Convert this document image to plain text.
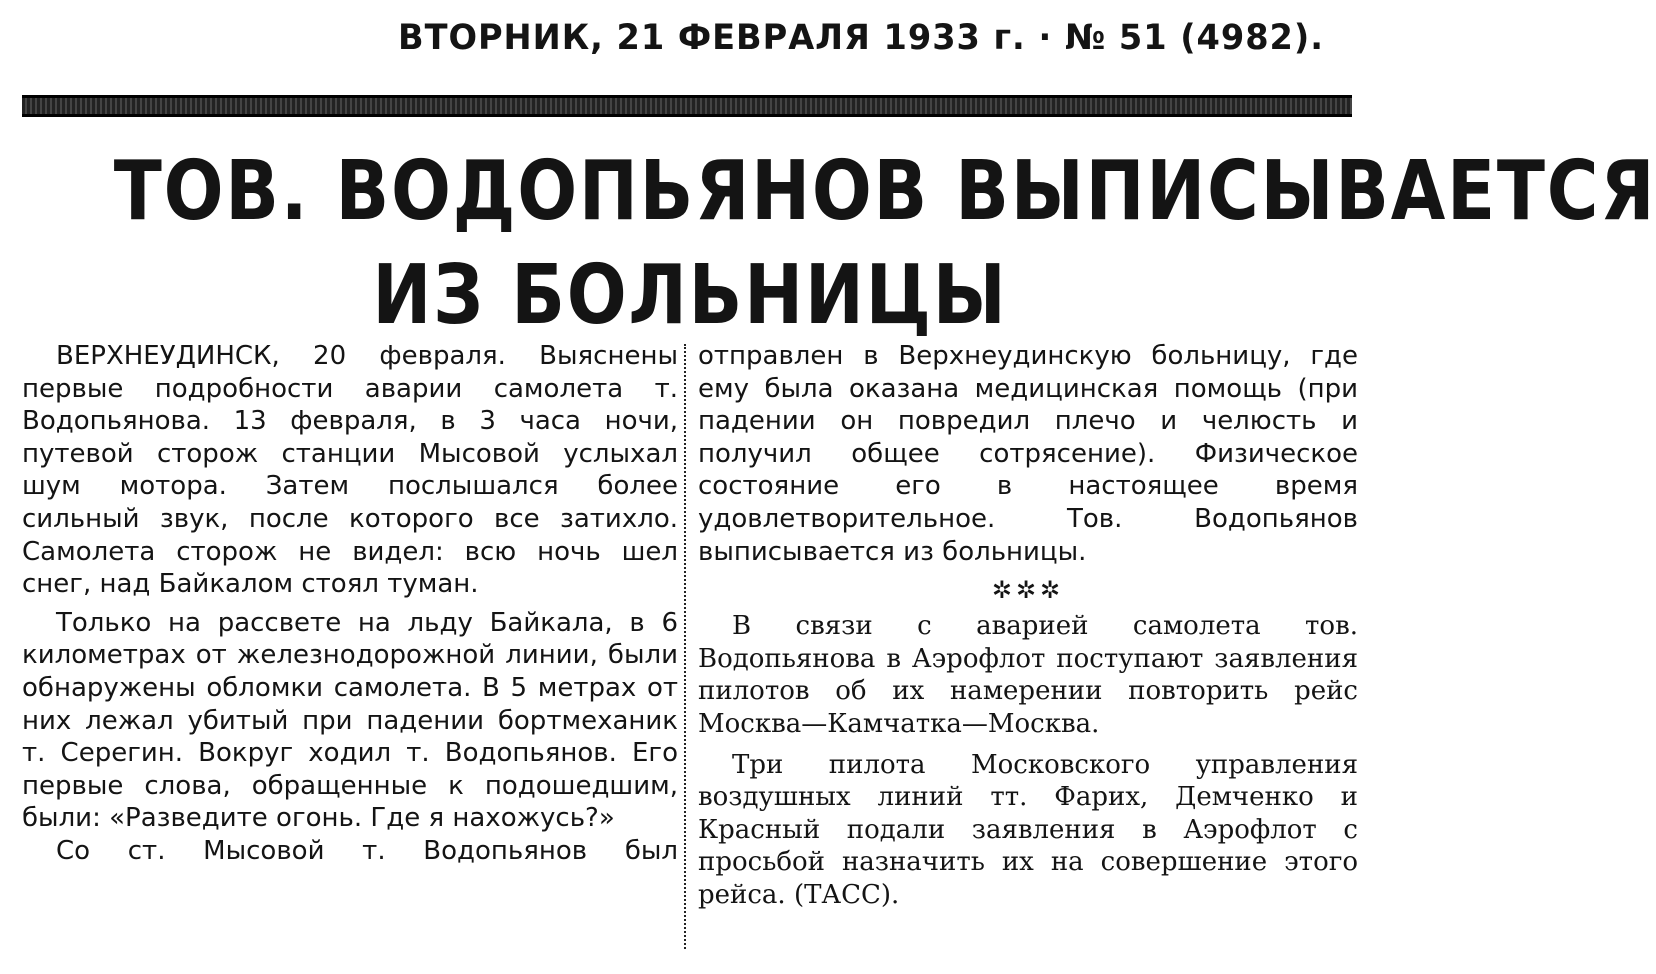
ВТОРНИК, 21 ФЕВРАЛЯ 1933 г. · № 51 (4982).
ТОВ. ВОДОПЬЯНОВ ВЫПИСЫВАЕТСЯ
ИЗ БОЛЬНИЦЫ

ВЕРХНЕУДИНСК, 20 февраля. Выяснены первые подробности аварии самолета т. Водопьянова. 13 февраля, в 3 часа ночи, путевой сторож станции Мысовой услыхал шум мотора. Затем послышался более сильный звук, после которого все затихло. Самолета сторож не видел: всю ночь шел снег, над Байкалом стоял туман.

Только на рассвете на льду Байкала, в 6 километрах от железнодорожной линии, были обнаружены обломки самолета. В 5 метрах от них лежал убитый при падении бортмеханик т. Серегин. Вокруг ходил т. Водопьянов. Его первые слова, обращенные к подошедшим, были: «Разведите огонь. Где я нахожусь?»

Со ст. Мысовой т. Водопьянов был

отправлен в Верхнеудинскую больницу, где ему была оказана медицинская помощь (при падении он повредил плечо и челюсть и получил общее сотрясение). Физическое состояние его в настоящее время удовлетворительное. Тов. Водопьянов выписывается из больницы.

✲✲✲

В связи с аварией самолета тов. Водопьянова в Аэрофлот поступают заявления пилотов об их намерении повторить рейс Москва—Камчатка—Москва.

Три пилота Московского управления воздушных линий тт. Фарих, Демченко и Красный подали заявления в Аэрофлот с просьбой назначить их на совершение этого рейса. (ТАСС).
